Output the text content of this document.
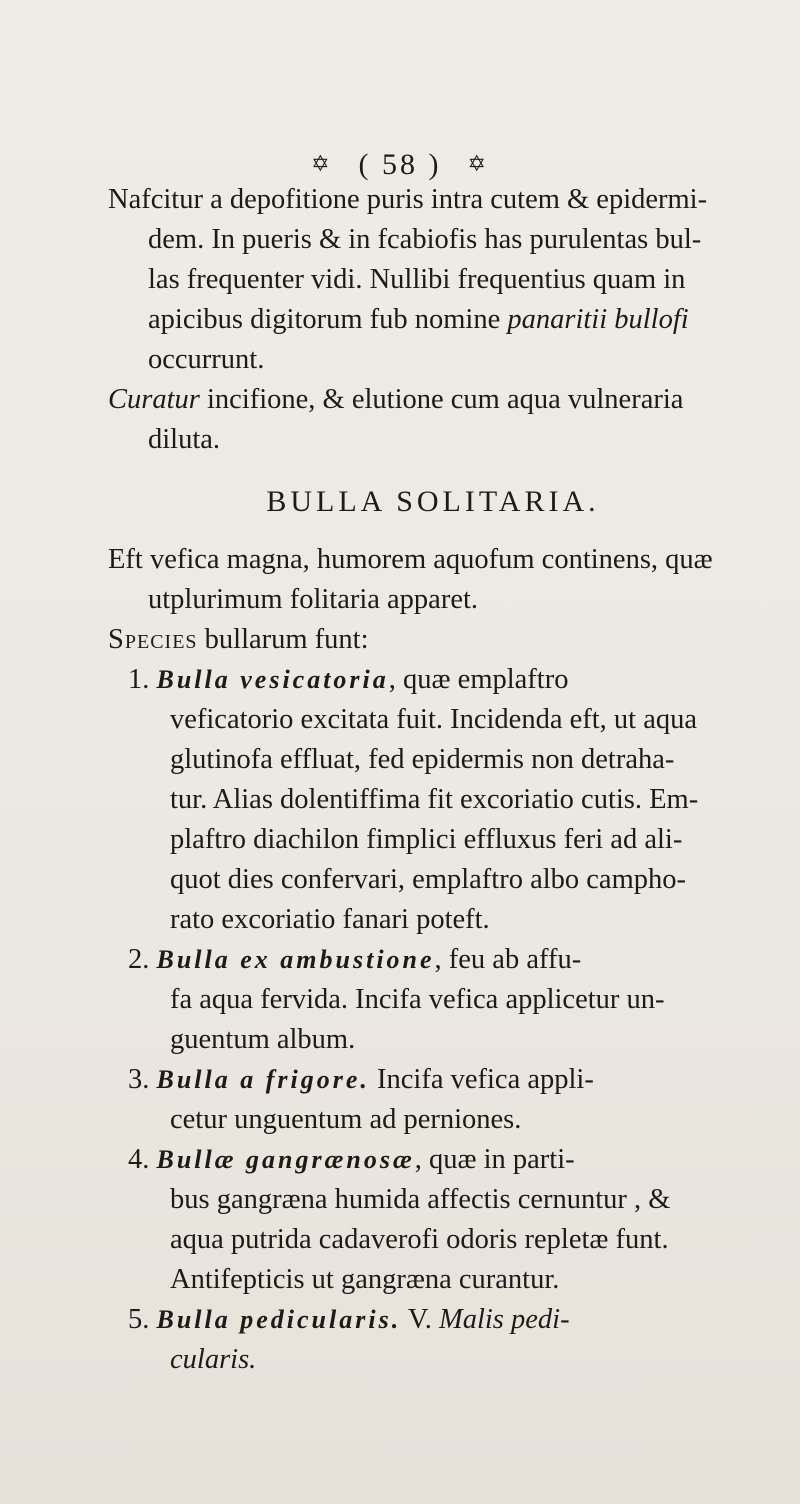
✡ ( 58 ) ✡
Nafcitur a depofitione puris intra cutem & epidermi-
dem. In pueris & in fcabiofis has purulentas bul-
las frequenter vidi. Nullibi frequentius quam in
apicibus digitorum fub nomine panaritii bullofi
occurrunt.
Curatur incifione, & elutione cum aqua vulneraria
diluta.
BULLA SOLITARIA.
Eft vefica magna, humorem aquofum continens, quæ
utplurimum folitaria apparet.
Species bullarum funt:
1. Bulla vesicatoria, quæ emplaftro
veficatorio excitata fuit. Incidenda eft, ut aqua
glutinofa effluat, fed epidermis non detraha-
tur. Alias dolentiffima fit excoriatio cutis. Em-
plaftro diachilon fimplici effluxus feri ad ali-
quot dies confervari, emplaftro albo campho-
rato excoriatio fanari poteft.
2. Bulla ex ambustione, feu ab affu-
fa aqua fervida. Incifa vefica applicetur un-
guentum album.
3. Bulla a frigore. Incifa vefica appli-
cetur unguentum ad perniones.
4. Bullæ gangrænosæ, quæ in parti-
bus gangræna humida affectis cernuntur , &
aqua putrida cadaverofi odoris repletæ funt.
Antifepticis ut gangræna curantur.
5. Bulla pedicularis. V. Malis pedi-
cularis.
